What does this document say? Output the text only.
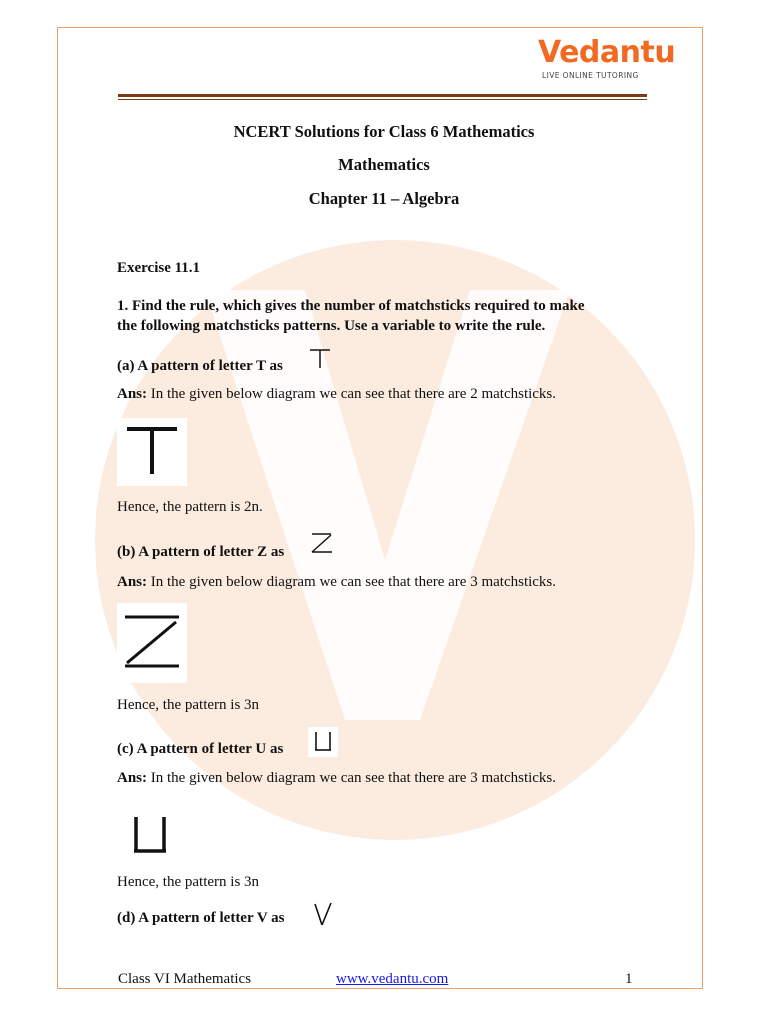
Vedantu
LIVE ONLINE TUTORING
NCERT Solutions for Class 6 Mathematics
Mathematics
Chapter 11 – Algebra
Exercise 11.1
1. Find the rule, which gives the number of matchsticks required to make
the following matchsticks patterns. Use a variable to write the rule.
(a) A pattern of letter T as
Ans: In the given below diagram we can see that there are 2 matchsticks.
Hence, the pattern is 2n.
(b) A pattern of letter Z as
Ans: In the given below diagram we can see that there are 3 matchsticks.
Hence, the pattern is 3n
(c) A pattern of letter U as
Ans: In the given below diagram we can see that there are 3 matchsticks.
Hence, the pattern is 3n
(d) A pattern of letter V as
Class VI Mathematics	www.vedantu.com	1
